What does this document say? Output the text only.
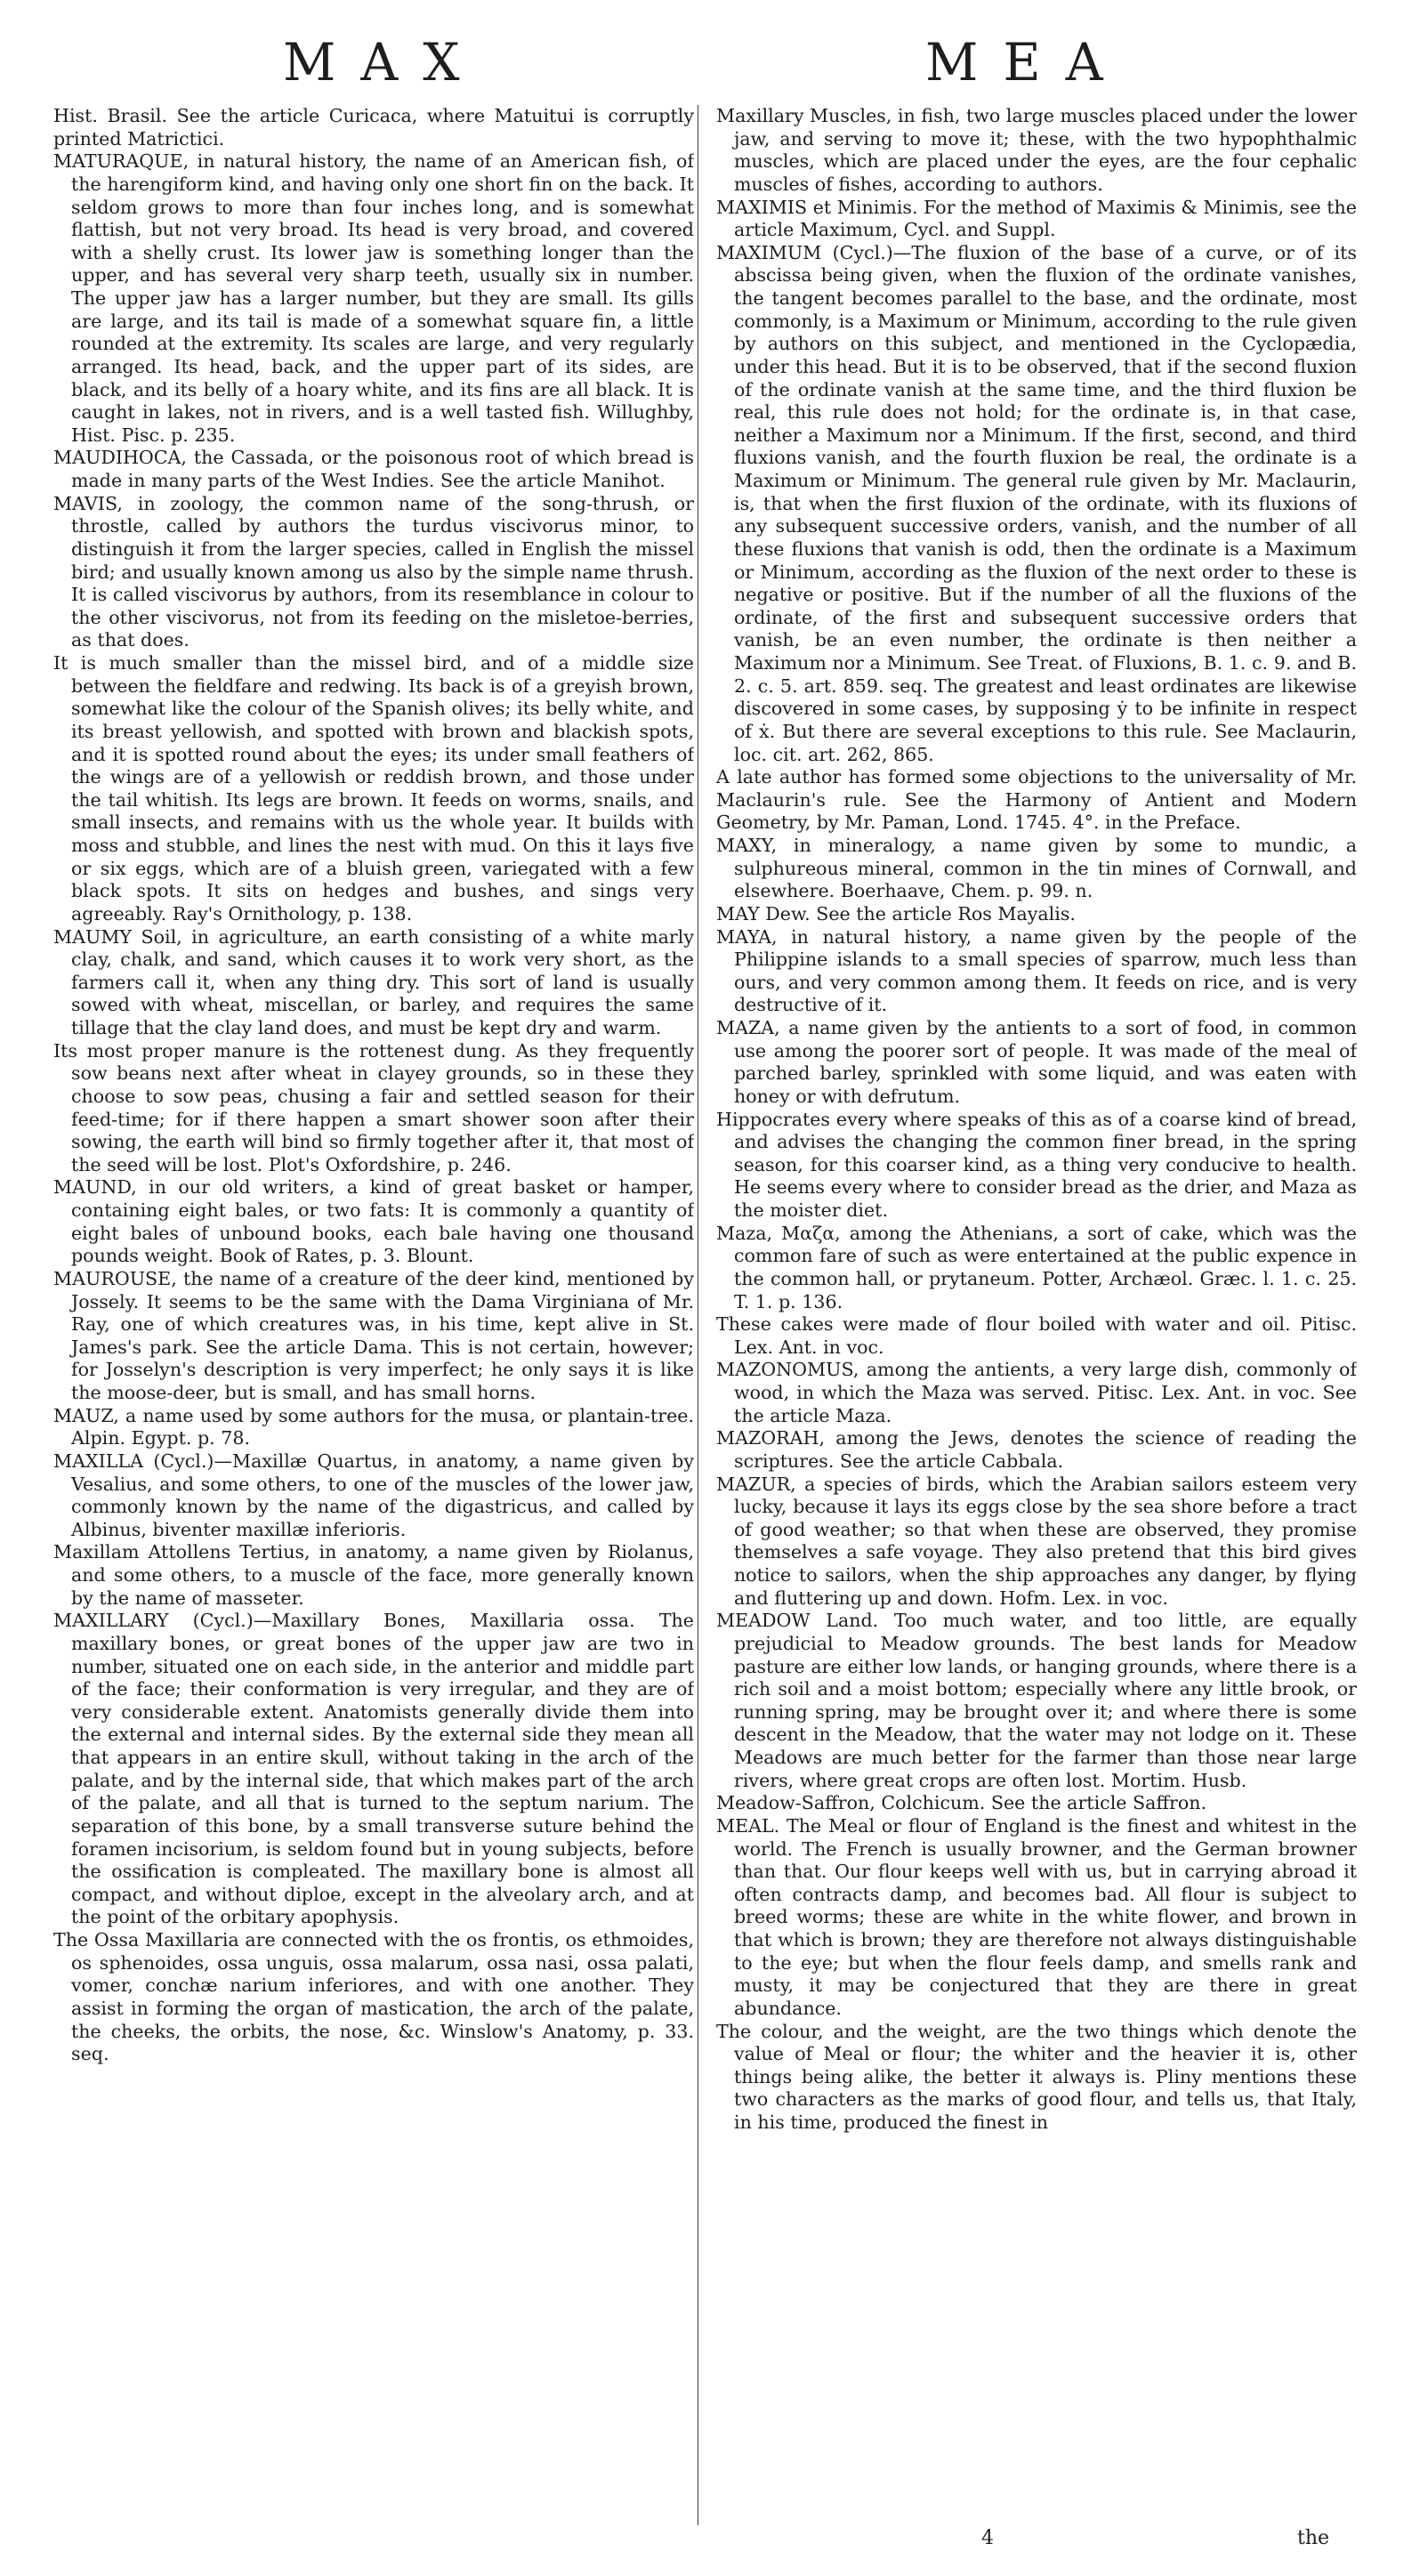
MAX	MEA

Hist. Brasil. See the article Curicaca, where Matuitui is corruptly printed Matrictici.

MATURAQUE, in natural history, the name of an American fish, of the harengiform kind, and having only one short fin on the back. It seldom grows to more than four inches long, and is somewhat flattish, but not very broad. Its head is very broad, and covered with a shelly crust. Its lower jaw is something longer than the upper, and has several very sharp teeth, usually six in number. The upper jaw has a larger number, but they are small. Its gills are large, and its tail is made of a somewhat square fin, a little rounded at the extremity. Its scales are large, and very regularly arranged. Its head, back, and the upper part of its sides, are black, and its belly of a hoary white, and its fins are all black. It is caught in lakes, not in rivers, and is a well tasted fish. Willughby, Hist. Pisc. p. 235.

MAUDIHOCA, the Cassada, or the poisonous root of which bread is made in many parts of the West Indies. See the article Manihot.

MAVIS, in zoology, the common name of the song-thrush, or throstle, called by authors the turdus viscivorus minor, to distinguish it from the larger species, called in English the missel bird; and usually known among us also by the simple name thrush. It is called viscivorus by authors, from its resemblance in colour to the other viscivorus, not from its feeding on the misletoe-berries, as that does.

It is much smaller than the missel bird, and of a middle size between the fieldfare and redwing. Its back is of a greyish brown, somewhat like the colour of the Spanish olives; its belly white, and its breast yellowish, and spotted with brown and blackish spots, and it is spotted round about the eyes; its under small feathers of the wings are of a yellowish or reddish brown, and those under the tail whitish. Its legs are brown. It feeds on worms, snails, and small insects, and remains with us the whole year. It builds with moss and stubble, and lines the nest with mud. On this it lays five or six eggs, which are of a bluish green, variegated with a few black spots. It sits on hedges and bushes, and sings very agreeably. Ray's Ornithology, p. 138.

MAUMY Soil, in agriculture, an earth consisting of a white marly clay, chalk, and sand, which causes it to work very short, as the farmers call it, when any thing dry. This sort of land is usually sowed with wheat, miscellan, or barley, and requires the same tillage that the clay land does, and must be kept dry and warm.

Its most proper manure is the rottenest dung. As they frequently sow beans next after wheat in clayey grounds, so in these they choose to sow peas, chusing a fair and settled season for their feed-time; for if there happen a smart shower soon after their sowing, the earth will bind so firmly together after it, that most of the seed will be lost. Plot's Oxfordshire, p. 246.

MAUND, in our old writers, a kind of great basket or hamper, containing eight bales, or two fats: It is commonly a quantity of eight bales of unbound books, each bale having one thousand pounds weight. Book of Rates, p. 3. Blount.

MAUROUSE, the name of a creature of the deer kind, mentioned by Jossely. It seems to be the same with the Dama Virginiana of Mr. Ray, one of which creatures was, in his time, kept alive in St. James's park. See the article Dama. This is not certain, however; for Josselyn's description is very imperfect; he only says it is like the moose-deer, but is small, and has small horns.

MAUZ, a name used by some authors for the musa, or plantain-tree. Alpin. Egypt. p. 78.

MAXILLA (Cycl.)—Maxillæ Quartus, in anatomy, a name given by Vesalius, and some others, to one of the muscles of the lower jaw, commonly known by the name of the digastricus, and called by Albinus, biventer maxillæ inferioris.

Maxillam Attollens Tertius, in anatomy, a name given by Riolanus, and some others, to a muscle of the face, more generally known by the name of masseter.

MAXILLARY (Cycl.)—Maxillary Bones, Maxillaria ossa. The maxillary bones, or great bones of the upper jaw are two in number, situated one on each side, in the anterior and middle part of the face; their conformation is very irregular, and they are of very considerable extent. Anatomists generally divide them into the external and internal sides. By the external side they mean all that appears in an entire skull, without taking in the arch of the palate, and by the internal side, that which makes part of the arch of the palate, and all that is turned to the septum narium. The separation of this bone, by a small transverse suture behind the foramen incisorium, is seldom found but in young subjects, before the ossification is compleated. The maxillary bone is almost all compact, and without diploe, except in the alveolary arch, and at the point of the orbitary apophysis.

The Ossa Maxillaria are connected with the os frontis, os ethmoides, os sphenoides, ossa unguis, ossa malarum, ossa nasi, ossa palati, vomer, conchæ narium inferiores, and with one another. They assist in forming the organ of mastication, the arch of the palate, the cheeks, the orbits, the nose, &c. Winslow's Anatomy, p. 33. seq.

Maxillary Muscles, in fish, two large muscles placed under the lower jaw, and serving to move it; these, with the two hypophthalmic muscles, which are placed under the eyes, are the four cephalic muscles of fishes, according to authors.

MAXIMIS et Minimis. For the method of Maximis & Minimis, see the article Maximum, Cycl. and Suppl.

MAXIMUM (Cycl.)—The fluxion of the base of a curve, or of its abscissa being given, when the fluxion of the ordinate vanishes, the tangent becomes parallel to the base, and the ordinate, most commonly, is a Maximum or Minimum, according to the rule given by authors on this subject, and mentioned in the Cyclopædia, under this head. But it is to be observed, that if the second fluxion of the ordinate vanish at the same time, and the third fluxion be real, this rule does not hold; for the ordinate is, in that case, neither a Maximum nor a Minimum. If the first, second, and third fluxions vanish, and the fourth fluxion be real, the ordinate is a Maximum or Minimum. The general rule given by Mr. Maclaurin, is, that when the first fluxion of the ordinate, with its fluxions of any subsequent successive orders, vanish, and the number of all these fluxions that vanish is odd, then the ordinate is a Maximum or Minimum, according as the fluxion of the next order to these is negative or positive. But if the number of all the fluxions of the ordinate, of the first and subsequent successive orders that vanish, be an even number, the ordinate is then neither a Maximum nor a Minimum. See Treat. of Fluxions, B. 1. c. 9. and B. 2. c. 5. art. 859. seq. The greatest and least ordinates are likewise discovered in some cases, by supposing ẏ to be infinite in respect of ẋ. But there are several exceptions to this rule. See Maclaurin, loc. cit. art. 262, 865.

A late author has formed some objections to the universality of Mr. Maclaurin's rule. See the Harmony of Antient and Modern Geometry, by Mr. Paman, Lond. 1745. 4°. in the Preface.

MAXY, in mineralogy, a name given by some to mundic, a sulphureous mineral, common in the tin mines of Cornwall, and elsewhere. Boerhaave, Chem. p. 99. n.

MAY Dew. See the article Ros Mayalis.

MAYA, in natural history, a name given by the people of the Philippine islands to a small species of sparrow, much less than ours, and very common among them. It feeds on rice, and is very destructive of it.

MAZA, a name given by the antients to a sort of food, in common use among the poorer sort of people. It was made of the meal of parched barley, sprinkled with some liquid, and was eaten with honey or with defrutum.

Hippocrates every where speaks of this as of a coarse kind of bread, and advises the changing the common finer bread, in the spring season, for this coarser kind, as a thing very conducive to health. He seems every where to consider bread as the drier, and Maza as the moister diet.

Maza, Μαζα, among the Athenians, a sort of cake, which was the common fare of such as were entertained at the public expence in the common hall, or prytaneum. Potter, Archæol. Græc. l. 1. c. 25. T. 1. p. 136.

These cakes were made of flour boiled with water and oil. Pitisc. Lex. Ant. in voc.

MAZONOMUS, among the antients, a very large dish, commonly of wood, in which the Maza was served. Pitisc. Lex. Ant. in voc. See the article Maza.

MAZORAH, among the Jews, denotes the science of reading the scriptures. See the article Cabbala.

MAZUR, a species of birds, which the Arabian sailors esteem very lucky, because it lays its eggs close by the sea shore before a tract of good weather; so that when these are observed, they promise themselves a safe voyage. They also pretend that this bird gives notice to sailors, when the ship approaches any danger, by flying and fluttering up and down. Hofm. Lex. in voc.

MEADOW Land. Too much water, and too little, are equally prejudicial to Meadow grounds. The best lands for Meadow pasture are either low lands, or hanging grounds, where there is a rich soil and a moist bottom; especially where any little brook, or running spring, may be brought over it; and where there is some descent in the Meadow, that the water may not lodge on it. These Meadows are much better for the farmer than those near large rivers, where great crops are often lost. Mortim. Husb.

Meadow-Saffron, Colchicum. See the article Saffron.

MEAL. The Meal or flour of England is the finest and whitest in the world. The French is usually browner, and the German browner than that. Our flour keeps well with us, but in carrying abroad it often contracts damp, and becomes bad. All flour is subject to breed worms; these are white in the white flower, and brown in that which is brown; they are therefore not always distinguishable to the eye; but when the flour feels damp, and smells rank and musty, it may be conjectured that they are there in great abundance.

The colour, and the weight, are the two things which denote the value of Meal or flour; the whiter and the heavier it is, other things being alike, the better it always is. Pliny mentions these two characters as the marks of good flour, and tells us, that Italy, in his time, produced the finest in

4	the
